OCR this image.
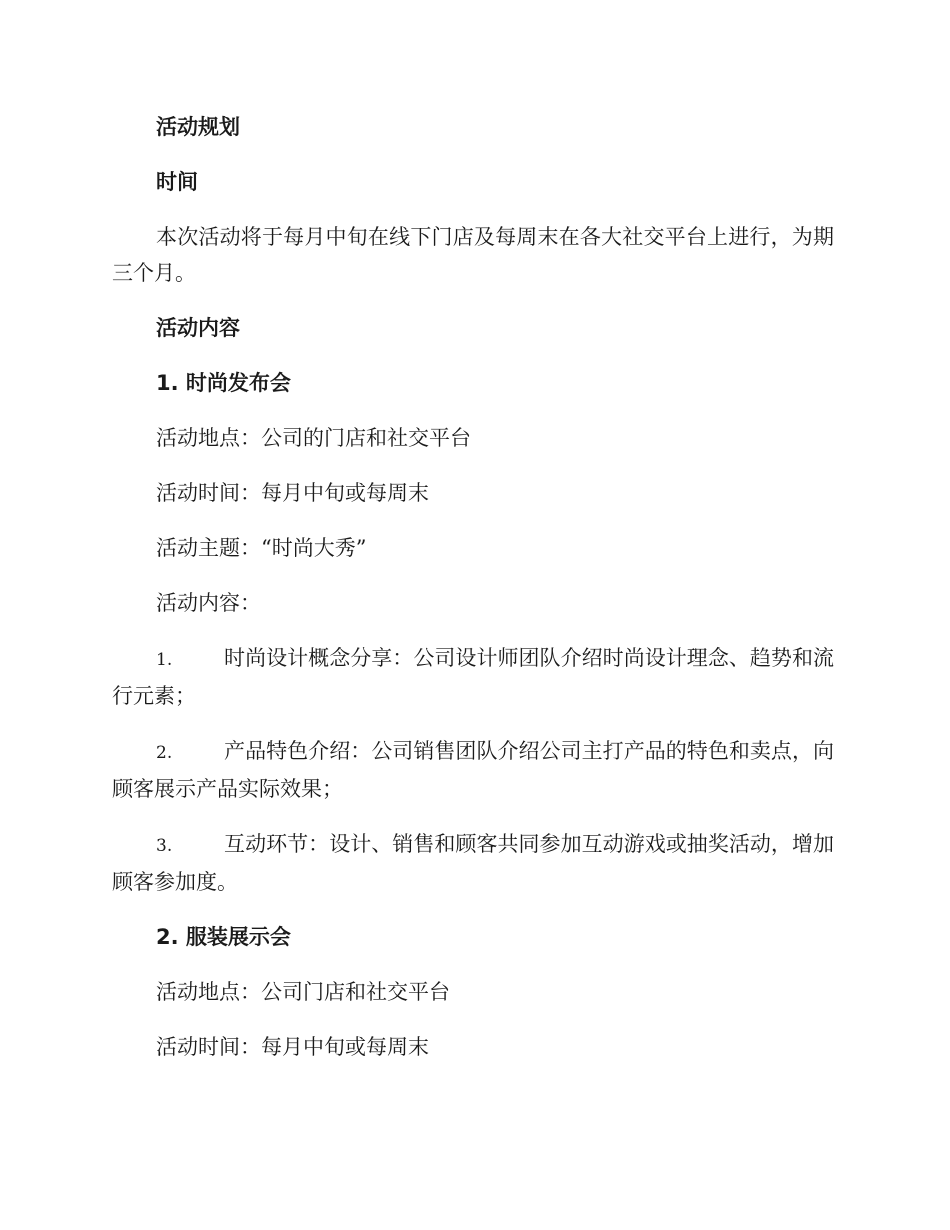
活动规划
时间
本次活动将于每月中旬在线下门店及每周末在各大社交平台上进行，为期三个月。
活动内容
1. 时尚发布会
活动地点：公司的门店和社交平台
活动时间：每月中旬或每周末
活动主题：“时尚大秀”
活动内容：
1. 时尚设计概念分享：公司设计师团队介绍时尚设计理念、趋势和流行元素；
2. 产品特色介绍：公司销售团队介绍公司主打产品的特色和卖点，向顾客展示产品实际效果；
3. 互动环节：设计、销售和顾客共同参加互动游戏或抽奖活动，增加顾客参加度。
2. 服装展示会
活动地点：公司门店和社交平台
活动时间：每月中旬或每周末
